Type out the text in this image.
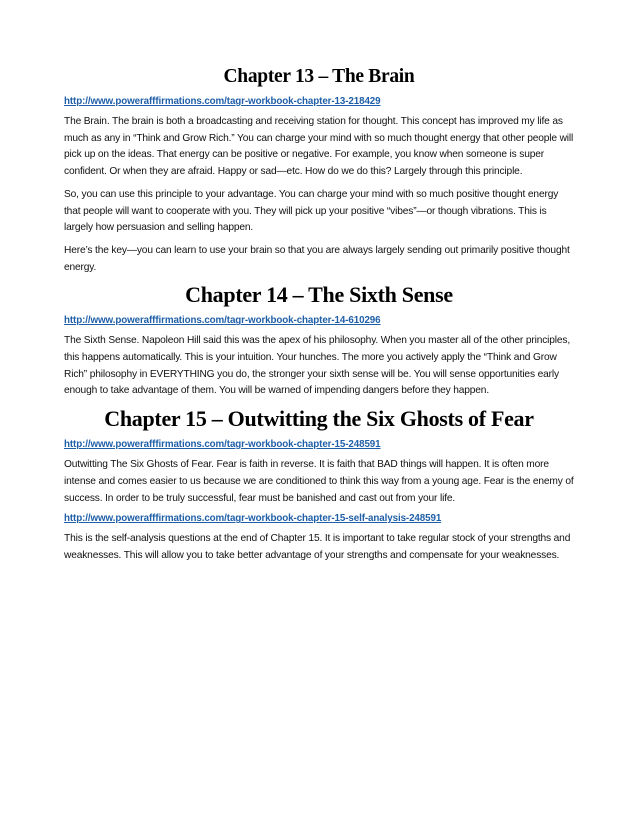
Chapter 13 – The Brain
http://www.powerafffirmations.com/tagr-workbook-chapter-13-218429

The Brain. The brain is both a broadcasting and receiving station for thought. This concept has improved my life as much as any in “Think and Grow Rich.” You can charge your mind with so much thought energy that other people will pick up on the ideas. That energy can be positive or negative. For example, you know when someone is super confident. Or when they are afraid. Happy or sad—etc. How do we do this? Largely through this principle.

So, you can use this principle to your advantage. You can charge your mind with so much positive thought energy that people will want to cooperate with you. They will pick up your positive “vibes”—or though vibrations. This is largely how persuasion and selling happen.

Here’s the key—you can learn to use your brain so that you are always largely sending out primarily positive thought energy.

Chapter 14 – The Sixth Sense
http://www.powerafffirmations.com/tagr-workbook-chapter-14-610296

The Sixth Sense. Napoleon Hill said this was the apex of his philosophy. When you master all of the other principles, this happens automatically. This is your intuition. Your hunches. The more you actively apply the “Think and Grow Rich” philosophy in EVERYTHING you do, the stronger your sixth sense will be. You will sense opportunities early enough to take advantage of them. You will be warned of impending dangers before they happen.

Chapter 15 – Outwitting the Six Ghosts of Fear
http://www.powerafffirmations.com/tagr-workbook-chapter-15-248591

Outwitting The Six Ghosts of Fear. Fear is faith in reverse. It is faith that BAD things will happen. It is often more intense and comes easier to us because we are conditioned to think this way from a young age. Fear is the enemy of success. In order to be truly successful, fear must be banished and cast out from your life.

http://www.powerafffirmations.com/tagr-workbook-chapter-15-self-analysis-248591

This is the self-analysis questions at the end of Chapter 15. It is important to take regular stock of your strengths and weaknesses. This will allow you to take better advantage of your strengths and compensate for your weaknesses.
